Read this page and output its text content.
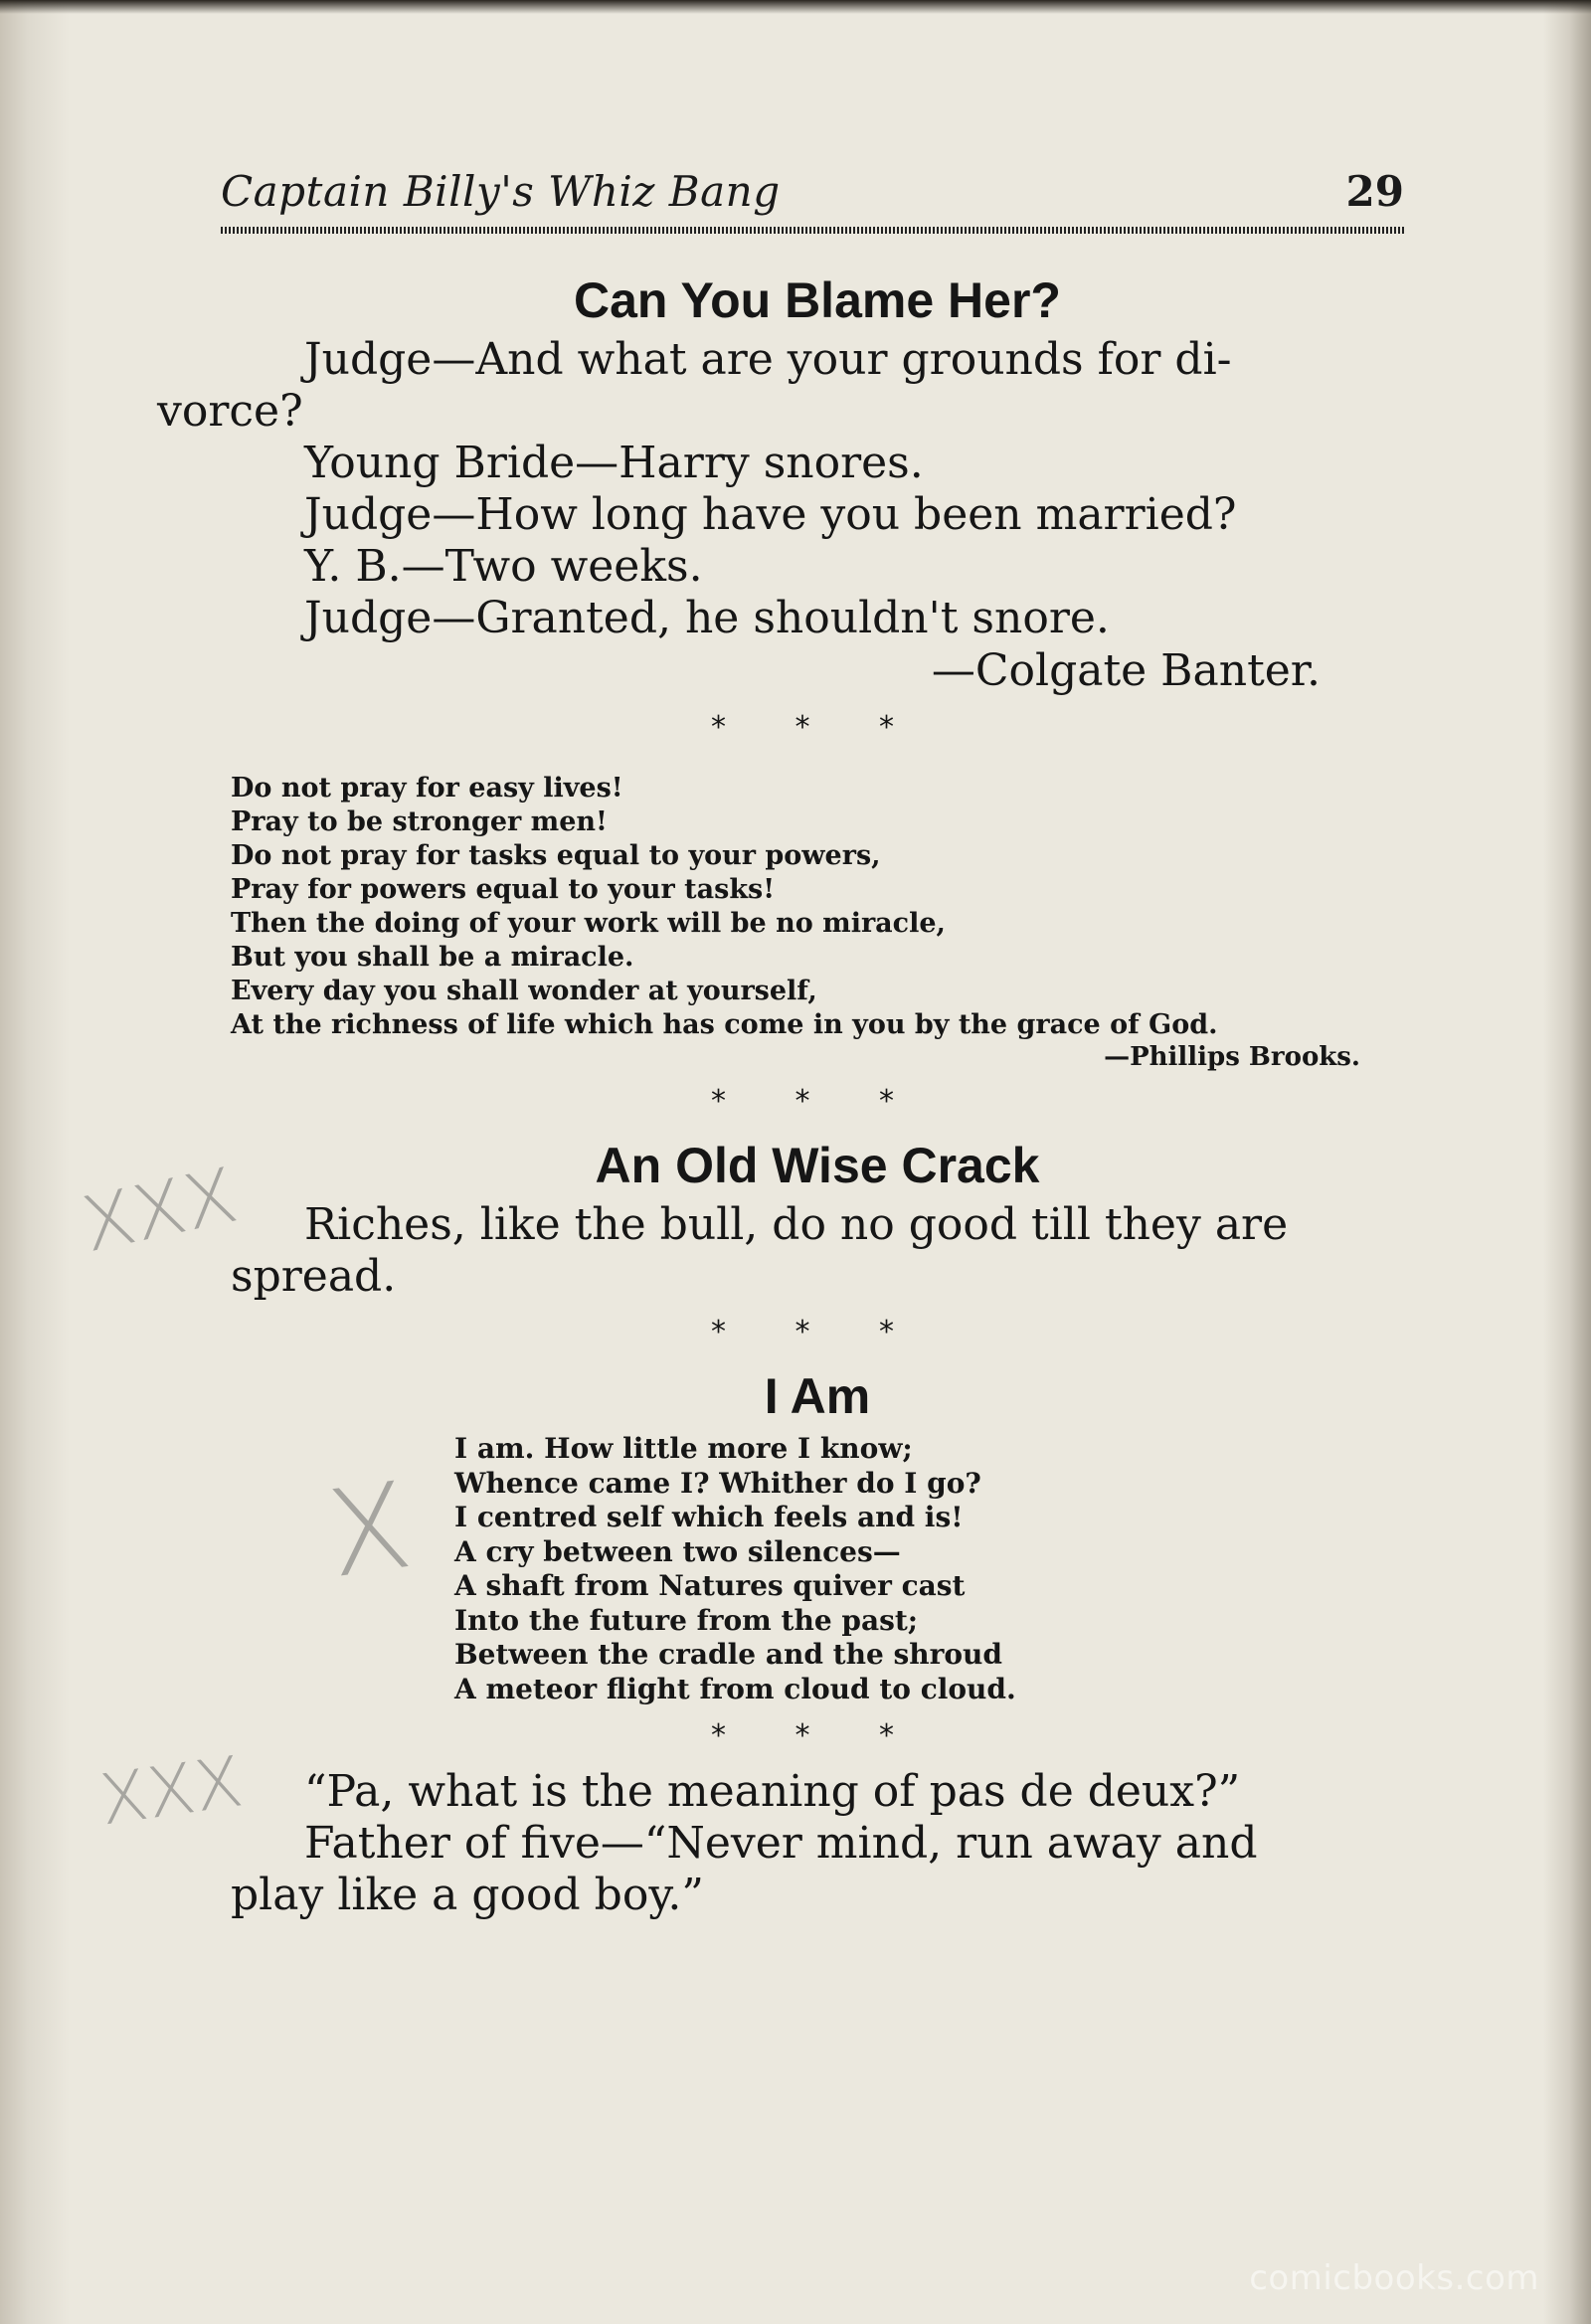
Captain Billy's Whiz Bang	29
Can You Blame Her?

Judge—And what are your grounds for di-
vorce?

Young Bride—Harry snores.

Judge—How long have you been married?

Y. B.—Two weeks.

Judge—Granted, he shouldn't snore.

—Colgate Banter.

* * *

Do not pray for easy lives!
Pray to be stronger men!
Do not pray for tasks equal to your powers,
Pray for powers equal to your tasks!
Then the doing of your work will be no miracle,
But you shall be a miracle.
Every day you shall wonder at yourself,
At the richness of life which has come in you by the grace of God.

—Phillips Brooks.

* * *

An Old Wise Crack

Riches, like the bull, do no good till they are
spread.

* * *

I Am
I am. How little more I know;
Whence came I? Whither do I go?
I centred self which feels and is!
A cry between two silences—
A shaft from Natures quiver cast
Into the future from the past;
Between the cradle and the shroud
A meteor flight from cloud to cloud.

* * *

“Pa, what is the meaning of pas de deux?”

Father of five—“Never mind, run away and
play like a good boy.”

XXX
X
XXX
comicbooks.com
